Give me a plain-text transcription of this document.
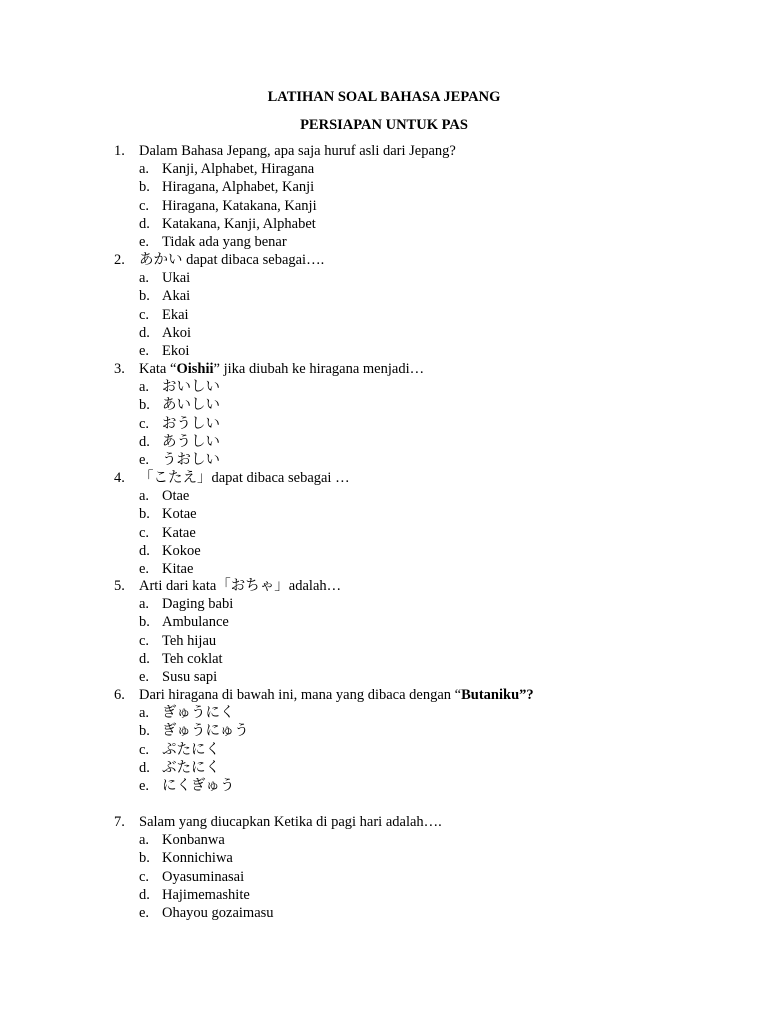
LATIHAN SOAL BAHASA JEPANG
PERSIAPAN UNTUK PAS
1. Dalam Bahasa Jepang, apa saja huruf asli dari Jepang?
a. Kanji, Alphabet, Hiragana
b. Hiragana, Alphabet, Kanji
c. Hiragana, Katakana, Kanji
d. Katakana, Kanji, Alphabet
e. Tidak ada yang benar
2. あかい dapat dibaca sebagai….
a. Ukai
b. Akai
c. Ekai
d. Akoi
e. Ekoi
3. Kata “Oishii” jika diubah ke hiragana menjadi…
a. おいしい
b. あいしい
c. おうしい
d. あうしい
e. うおしい
4. 「こたえ」dapat dibaca sebagai …
a. Otae
b. Kotae
c. Katae
d. Kokoe
e. Kitae
5. Arti dari kata「おちゃ」adalah…
a. Daging babi
b. Ambulance
c. Teh hijau
d. Teh coklat
e. Susu sapi
6. Dari hiragana di bawah ini, mana yang dibaca dengan “Butaniku”?
a. ぎゅうにく
b. ぎゅうにゅう
c. ぷたにく
d. ぶたにく
e. にくぎゅう
7. Salam yang diucapkan Ketika di pagi hari adalah….
a. Konbanwa
b. Konnichiwa
c. Oyasuminasai
d. Hajimemashite
e. Ohayou gozaimasu
